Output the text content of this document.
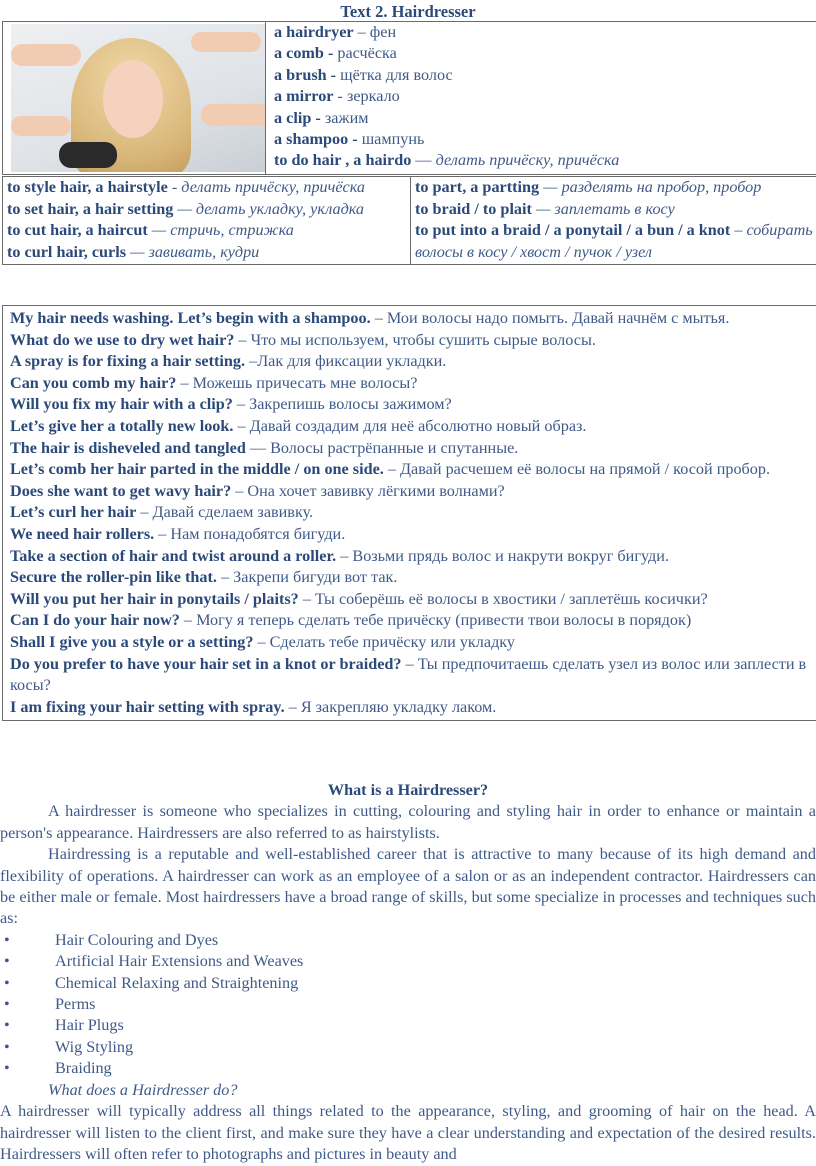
Text 2. Hairdresser

a hairdryer – фен
a comb - расчёска
a brush - щётка для волос
a mirror - зеркало
a clip - зажим
a shampoo - шампунь
to do hair , a hairdo — делать причёску, причёска
to style hair, a hairstyle - делать причёску, причёска
to set hair, a hair setting — делать укладку, укладка
to cut hair, a haircut — стричь, стрижка
to curl hair, curls — завивать, кудри

to part, a partting — разделять на пробор, пробор
to braid / to plait — заплетать в косу
to put into a braid / a ponytail / a bun / a knot – собирать волосы в косу / хвост / пучок / узел
My hair needs washing. Let’s begin with a shampoo. – Мои волосы надо помыть. Давай начнём с мытья.
What do we use to dry wet hair? – Что мы используем, чтобы сушить сырые волосы.
A spray is for fixing a hair setting. –Лак для фиксации укладки.
Can you comb my hair? – Можешь причесать мне волосы?
Will you fix my hair with a clip? – Закрепишь волосы зажимом?
Let’s give her a totally new look. – Давай создадим для неё абсолютно новый образ.
The hair is disheveled and tangled — Волосы растрёпанные и спутанные.
Let’s comb her hair parted in the middle / on one side. – Давай расчешем её волосы на прямой / косой пробор.
Does she want to get wavy hair? – Она хочет завивку лёгкими волнами?
Let’s curl her hair – Давай сделаем завивку.
We need hair rollers. – Нам понадобятся бигуди.
Take a section of hair and twist around a roller. – Возьми прядь волос и накрути вокруг бигуди.
Secure the roller-pin like that. – Закрепи бигуди вот так.
Will you put her hair in ponytails / plaits? – Ты соберёшь её волосы в хвостики / заплетёшь косички?
Can I do your hair now? – Могу я теперь сделать тебе причёску (привести твои волосы в порядок)
Shall I give you a style or a setting? – Сделать тебе причёску или укладку
Do you prefer to have your hair set in a knot or braided? – Ты предпочитаешь сделать узел из волос или заплести в косы?
I am fixing your hair setting with spray. – Я закрепляю укладку лаком.
What is a Hairdresser?

A hairdresser is someone who specializes in cutting, colouring and styling hair in order to enhance or maintain a person's appearance. Hairdressers are also referred to as hairstylists.

Hairdressing is a reputable and well-established career that is attractive to many because of its high demand and flexibility of operations. A hairdresser can work as an employee of a salon or as an independent contractor. Hairdressers can be either male or female. Most hairdressers have a broad range of skills, but some specialize in processes and techniques such as:

•	Hair Colouring and Dyes
•	Artificial Hair Extensions and Weaves
•	Chemical Relaxing and Straightening
•	Perms
•	Hair Plugs
•	Wig Styling
•	Braiding
What does a Hairdresser do?

A hairdresser will typically address all things related to the appearance, styling, and grooming of hair on the head. A hairdresser will listen to the client first, and make sure they have a clear understanding and expectation of the desired results. Hairdressers will often refer to photographs and pictures in beauty and
